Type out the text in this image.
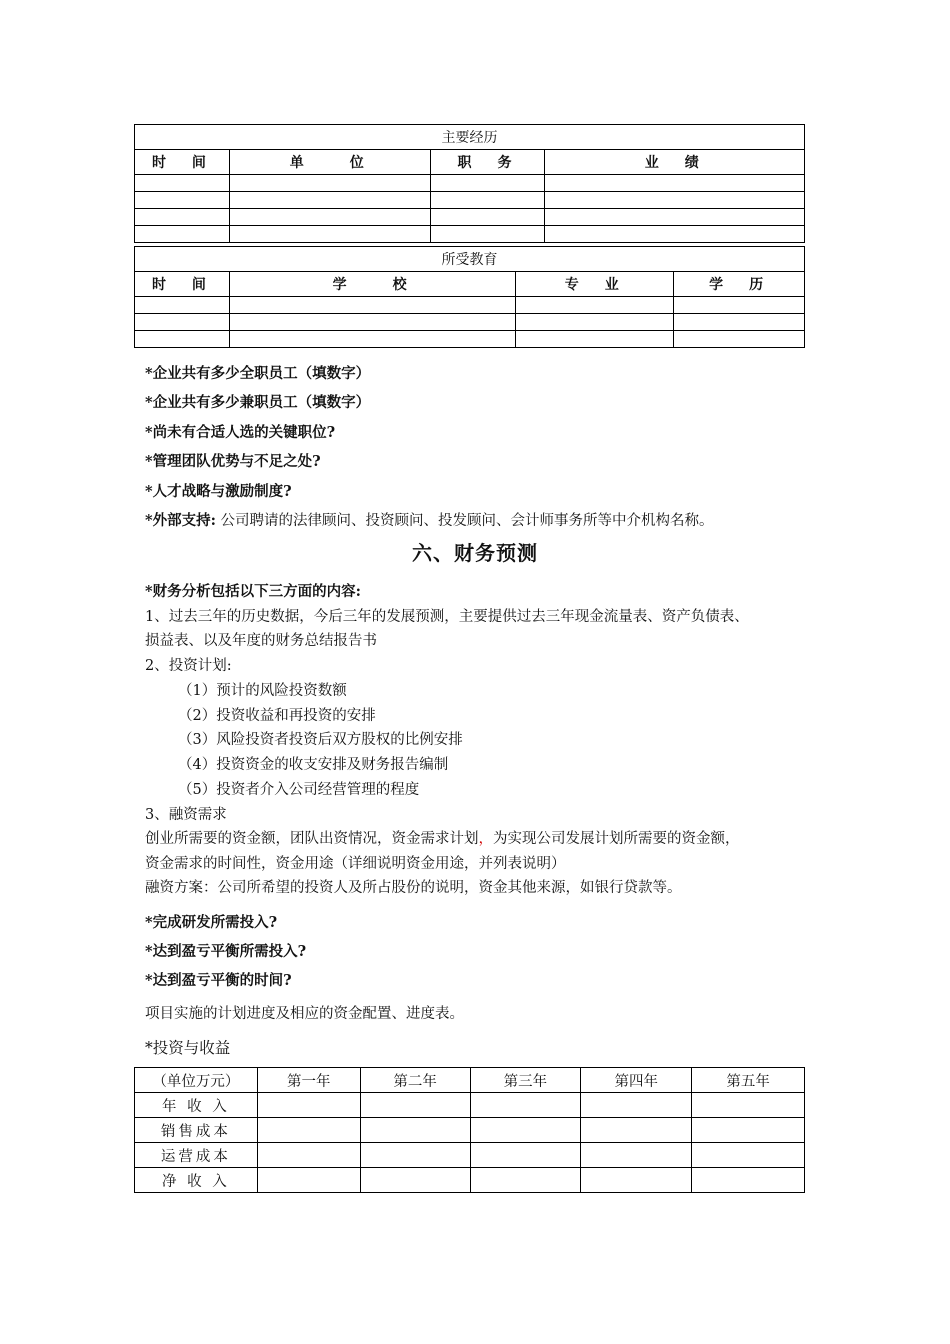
主要经历			
时　间	单　　位	职　务	业　绩

所受教育			
时　间	学　　校	专　业	学　历

*企业共有多少全职员工（填数字）
*企业共有多少兼职员工（填数字）
*尚未有合适人选的关键职位?
*管理团队优势与不足之处?
*人才战略与激励制度?
*外部支持: 公司聘请的法律顾问、投资顾问、投发顾问、会计师事务所等中介机构名称。
六、财务预测
*财务分析包括以下三方面的内容:
1、过去三年的历史数据，今后三年的发展预测，主要提供过去三年现金流量表、资产负债表、
损益表、以及年度的财务总结报告书
2、投资计划:
（1）预计的风险投资数额
（2）投资收益和再投资的安排
（3）风险投资者投资后双方股权的比例安排
（4）投资资金的收支安排及财务报告编制
（5）投资者介入公司经营管理的程度
3、融资需求
创业所需要的资金额，团队出资情况，资金需求计划，为实现公司发展计划所需要的资金额，
资金需求的时间性，资金用途（详细说明资金用途，并列表说明）
融资方案：公司所希望的投资人及所占股份的说明，资金其他来源，如银行贷款等。
*完成研发所需投入?
*达到盈亏平衡所需投入?
*达到盈亏平衡的时间?
项目实施的计划进度及相应的资金配置、进度表。
*投资与收益
（单位万元）	第一年	第二年	第三年	第四年	第五年
年 收 入					
销售成本					
运营成本					
净 收 入					
